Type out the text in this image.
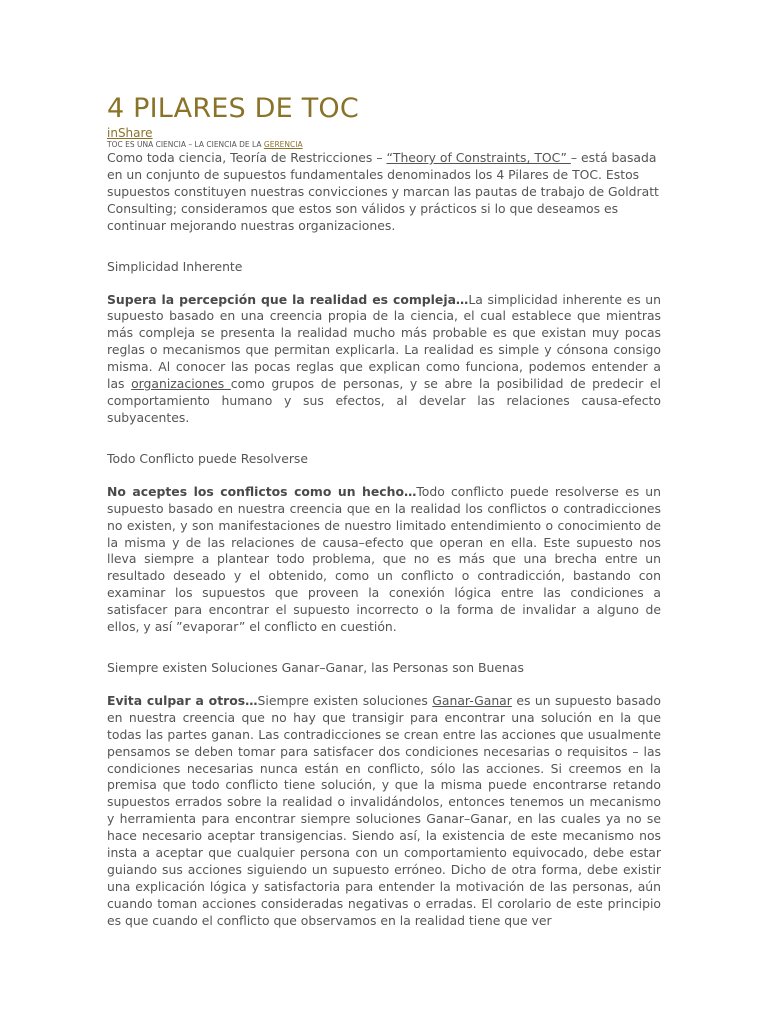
4 PILARES DE TOC
inShare
TOC ES UNA CIENCIA – LA CIENCIA DE LA GERENCIA

Como toda ciencia, Teoría de Restricciones – “Theory of Constraints, TOC” – está basada en un conjunto de supuestos fundamentales denominados los 4 Pilares de TOC. Estos supuestos constituyen nuestras convicciones y marcan las pautas de trabajo de Goldratt Consulting; consideramos que estos son válidos y prácticos si lo que deseamos es continuar mejorando nuestras organizaciones.

Simplicidad Inherente

Supera la percepción que la realidad es compleja…La simplicidad inherente es un supuesto basado en una creencia propia de la ciencia, el cual establece que mientras más compleja se presenta la realidad mucho más probable es que existan muy pocas reglas o mecanismos que permitan explicarla. La realidad es simple y cónsona consigo misma. Al conocer las pocas reglas que explican como funciona, podemos entender a las organizaciones como grupos de personas, y se abre la posibilidad de predecir el comportamiento humano y sus efectos, al develar las relaciones causa-efecto subyacentes.

Todo Conflicto puede Resolverse

No aceptes los conflictos como un hecho…Todo conflicto puede resolverse es un supuesto basado en nuestra creencia que en la realidad los conflictos o contradicciones no existen, y son manifestaciones de nuestro limitado entendimiento o conocimiento de la misma y de las relaciones de causa–efecto que operan en ella. Este supuesto nos lleva siempre a plantear todo problema, que no es más que una brecha entre un resultado deseado y el obtenido, como un conflicto o contradicción, bastando con examinar los supuestos que proveen la conexión lógica entre las condiciones a satisfacer para encontrar el supuesto incorrecto o la forma de invalidar a alguno de ellos, y así ”evaporar” el conflicto en cuestión.

Siempre existen Soluciones Ganar–Ganar, las Personas son Buenas

Evita culpar a otros…Siempre existen soluciones Ganar-Ganar es un supuesto basado en nuestra creencia que no hay que transigir para encontrar una solución en la que todas las partes ganan. Las contradicciones se crean entre las acciones que usualmente pensamos se deben tomar para satisfacer dos condiciones necesarias o requisitos – las condiciones necesarias nunca están en conflicto, sólo las acciones. Si creemos en la premisa que todo conflicto tiene solución, y que la misma puede encontrarse retando supuestos errados sobre la realidad o invalidándolos, entonces tenemos un mecanismo y herramienta para encontrar siempre soluciones Ganar–Ganar, en las cuales ya no se hace necesario aceptar transigencias. Siendo así, la existencia de este mecanismo nos insta a aceptar que cualquier persona con un comportamiento equivocado, debe estar guiando sus acciones siguiendo un supuesto erróneo. Dicho de otra forma, debe existir una explicación lógica y satisfactoria para entender la motivación de las personas, aún cuando toman acciones consideradas negativas o erradas. El corolario de este principio es que cuando el conflicto que observamos en la realidad tiene que ver
